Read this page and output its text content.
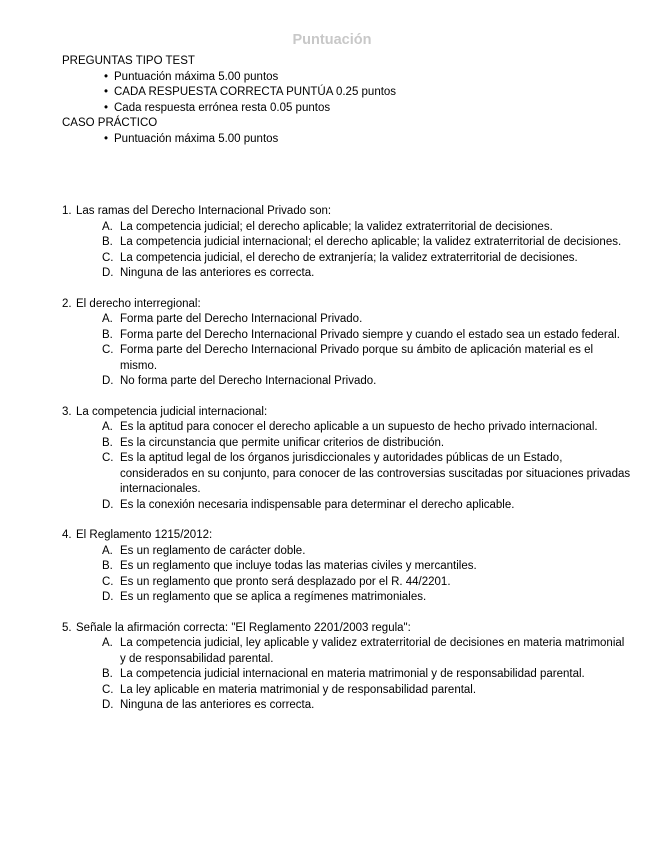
Puntuación
PREGUNTAS TIPO TEST
• Puntuación máxima 5.00 puntos
• CADA RESPUESTA CORRECTA PUNTÚA 0.25 puntos
• Cada respuesta errónea resta 0.05 puntos
CASO PRÁCTICO
• Puntuación máxima 5.00 puntos
1. Las ramas del Derecho Internacional Privado son:
A. La competencia judicial; el derecho aplicable; la validez extraterritorial de decisiones.
B. La competencia judicial internacional; el derecho aplicable; la validez extraterritorial de decisiones.
C. La competencia judicial, el derecho de extranjería; la validez extraterritorial de decisiones.
D. Ninguna de las anteriores es correcta.
2. El derecho interregional:
A. Forma parte del Derecho Internacional Privado.
B. Forma parte del Derecho Internacional Privado siempre y cuando el estado sea un estado federal.
C. Forma parte del Derecho Internacional Privado porque su ámbito de aplicación material es el mismo.
D. No forma parte del Derecho Internacional Privado.
3. La competencia judicial internacional:
A. Es la aptitud para conocer el derecho aplicable a un supuesto de hecho privado internacional.
B. Es la circunstancia que permite unificar criterios de distribución.
C. Es la aptitud legal de los órganos jurisdiccionales y autoridades públicas de un Estado, considerados en su conjunto, para conocer de las controversias suscitadas por situaciones privadas internacionales.
D. Es la conexión necesaria indispensable para determinar el derecho aplicable.
4. El Reglamento 1215/2012:
A. Es un reglamento de carácter doble.
B. Es un reglamento que incluye todas las materias civiles y mercantiles.
C. Es un reglamento que pronto será desplazado por el R. 44/2201.
D. Es un reglamento que se aplica a regímenes matrimoniales.
5. Señale la afirmación correcta: "El Reglamento 2201/2003 regula":
A. La competencia judicial, ley aplicable y validez extraterritorial de decisiones en materia matrimonial y de responsabilidad parental.
B. La competencia judicial internacional en materia matrimonial y de responsabilidad parental.
C. La ley aplicable en materia matrimonial y de responsabilidad parental.
D. Ninguna de las anteriores es correcta.
